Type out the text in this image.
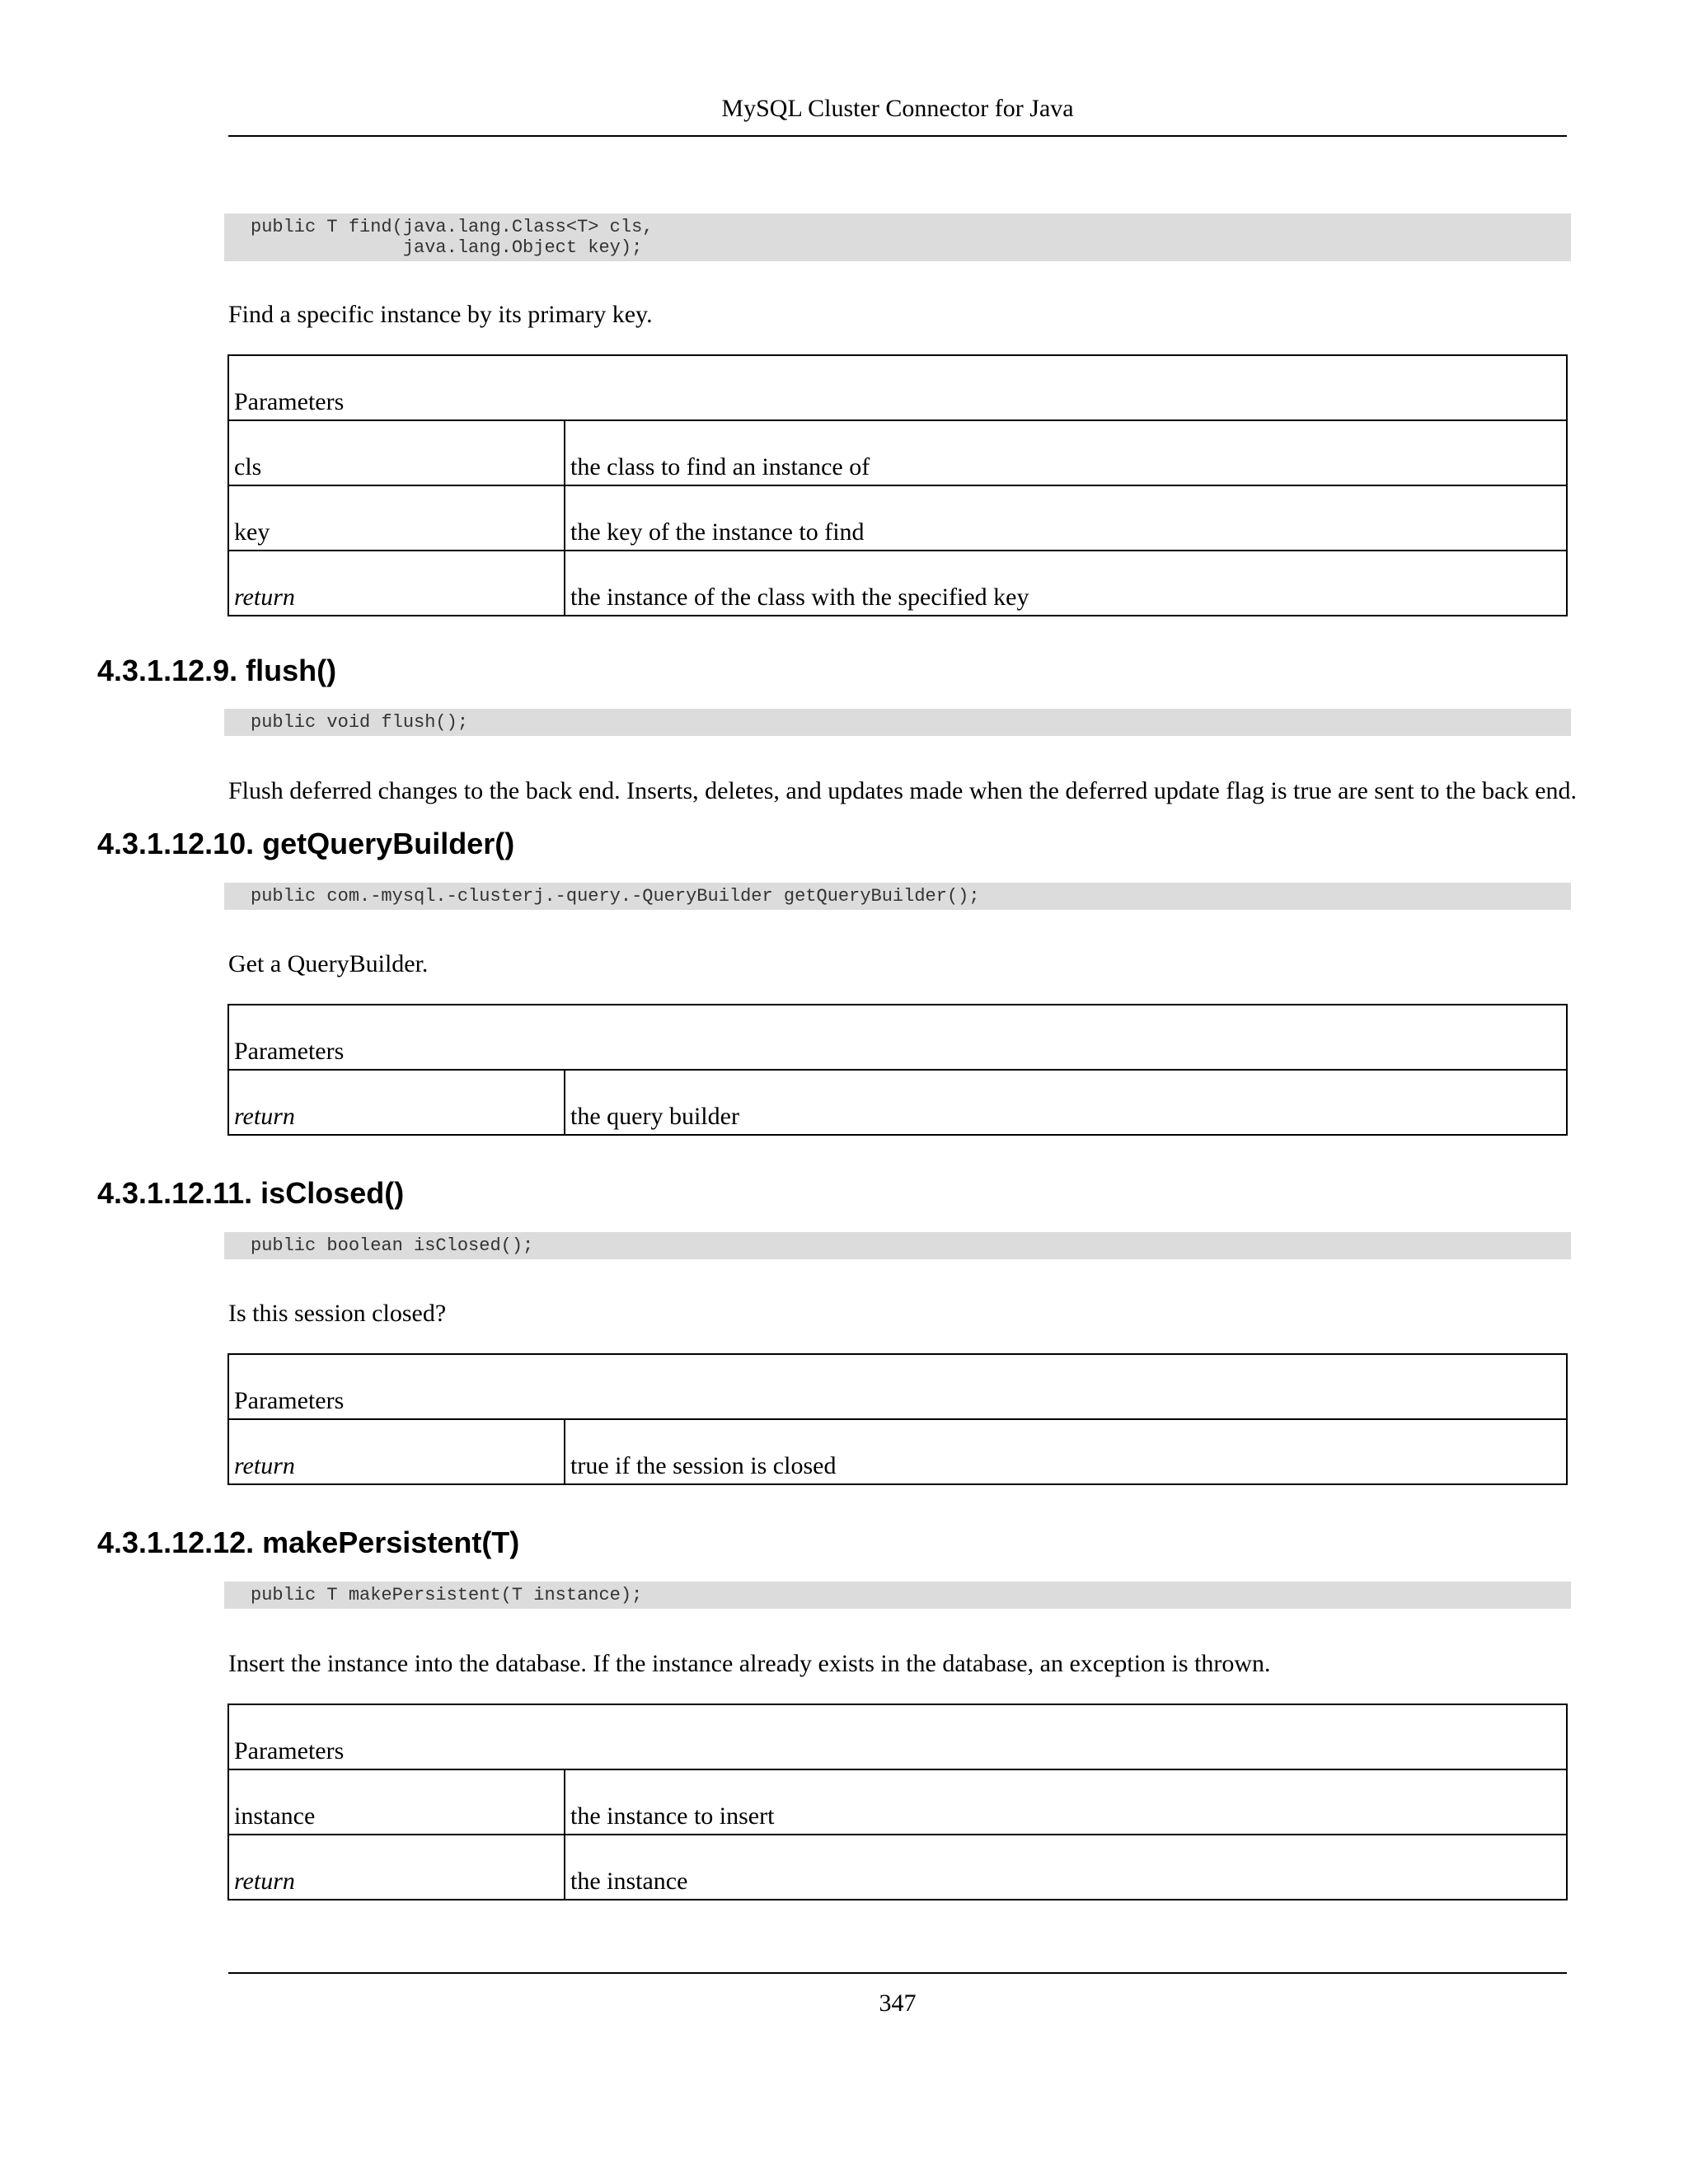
MySQL Cluster Connector for Java
public T find(java.lang.Class<T> cls,
java.lang.Object key);
Find a specific instance by its primary key.
Parameters	
cls	the class to find an instance of
key	the key of the instance to find
return	the instance of the class with the specified key
4.3.1.12.9. flush()
public void flush();
Flush deferred changes to the back end. Inserts, deletes, and updates made when the deferred update flag is true are sent to the back end.
4.3.1.12.10. getQueryBuilder()
public com.-mysql.-clusterj.-query.-QueryBuilder getQueryBuilder();
Get a QueryBuilder.
Parameters
return	the query builder
4.3.1.12.11. isClosed()
public boolean isClosed();
Is this session closed?
Parameters
return	true if the session is closed
4.3.1.12.12. makePersistent(T)
public T makePersistent(T instance);
Insert the instance into the database. If the instance already exists in the database, an exception is thrown.
Parameters	
instance	the instance to insert
return	the instance
347
